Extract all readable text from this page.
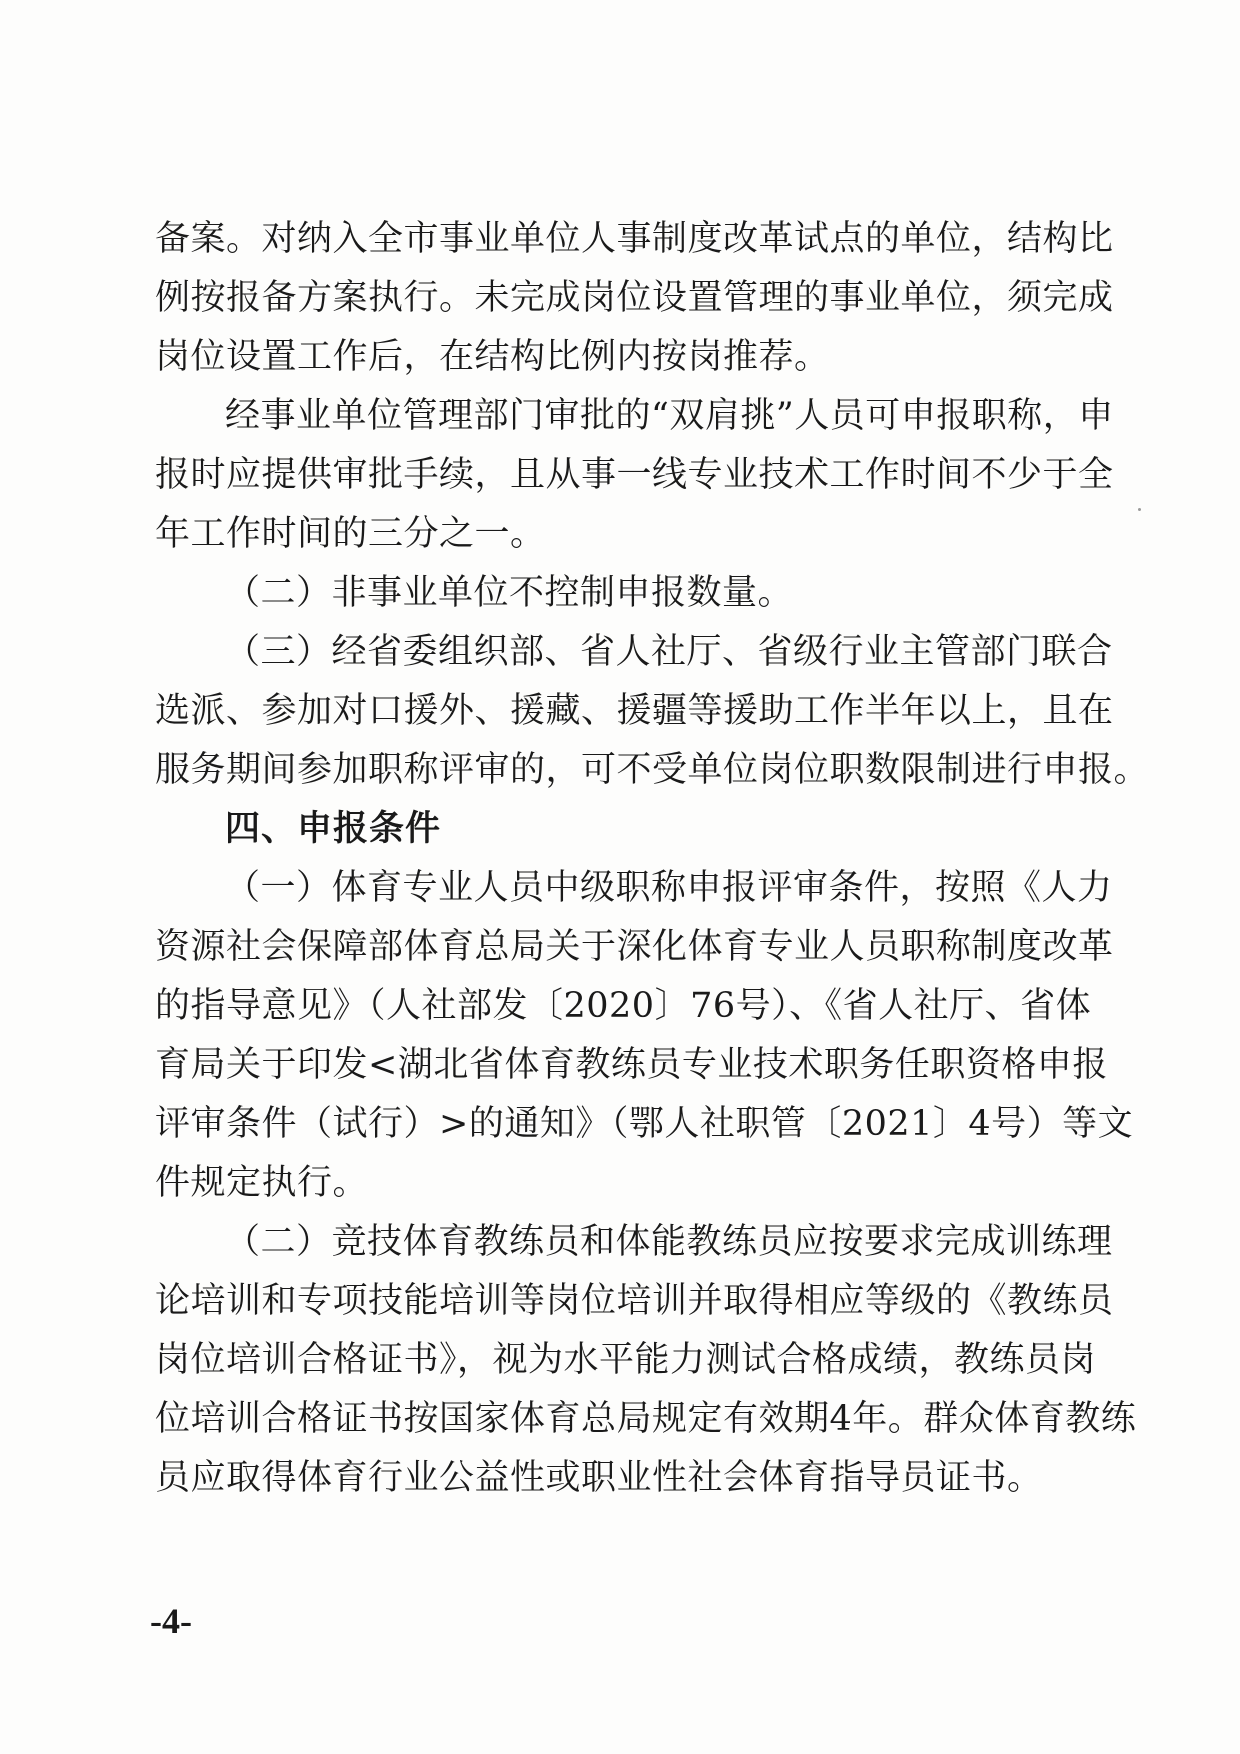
备案。对纳入全市事业单位人事制度改革试点的单位，结构比
例按报备方案执行。未完成岗位设置管理的事业单位，须完成
岗位设置工作后，在结构比例内按岗推荐。
经事业单位管理部门审批的“双肩挑”人员可申报职称，申
报时应提供审批手续，且从事一线专业技术工作时间不少于全
年工作时间的三分之一。
（二）非事业单位不控制申报数量。
（三）经省委组织部、省人社厅、省级行业主管部门联合
选派、参加对口援外、援藏、援疆等援助工作半年以上，且在
服务期间参加职称评审的，可不受单位岗位职数限制进行申报。
四、申报条件
（一）体育专业人员中级职称申报评审条件，按照《人力
资源社会保障部体育总局关于深化体育专业人员职称制度改革
的指导意见》（人社部发〔2020〕76号）、《省人社厅、省体
育局关于印发<湖北省体育教练员专业技术职务任职资格申报
评审条件（试行）>的通知》（鄂人社职管〔2021〕4号）等文
件规定执行。
（二）竞技体育教练员和体能教练员应按要求完成训练理
论培训和专项技能培训等岗位培训并取得相应等级的《教练员
岗位培训合格证书》，视为水平能力测试合格成绩，教练员岗
位培训合格证书按国家体育总局规定有效期4年。群众体育教练
员应取得体育行业公益性或职业性社会体育指导员证书。
-4-
